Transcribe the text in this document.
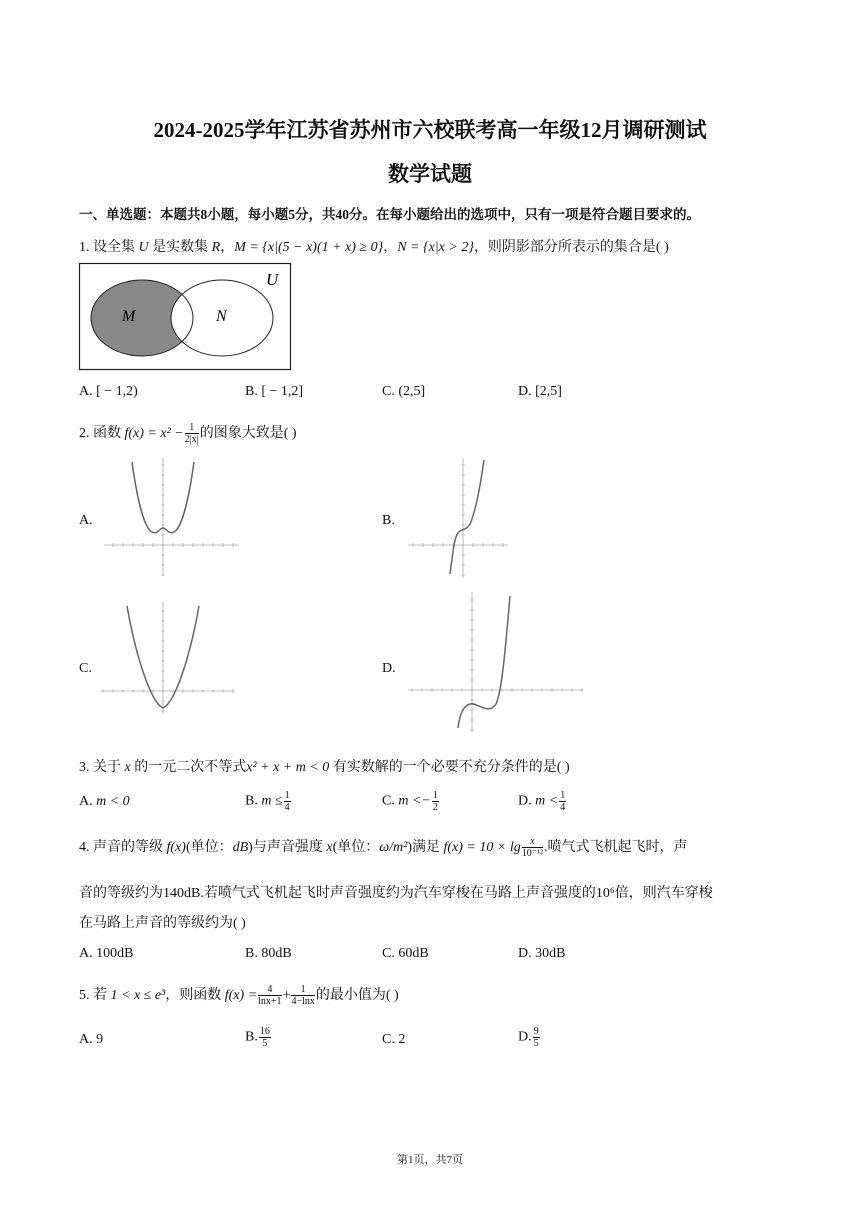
2024-2025学年江苏省苏州市六校联考高一年级12月调研测试
数学试题
一、单选题：本题共8小题，每小题5分，共40分。在每小题给出的选项中，只有一项是符合题目要求的。
1. 设全集 U 是实数集 R，M = {x|(5 − x)(1 + x) ≥ 0}，N = {x|x > 2}，则阴影部分所表示的集合是( )
U
M	N
A. [ − 1,2)	B. [ − 1,2]	C. (2,5]	D. [2,5]
2. 函数 $f(x) = x^2 - \frac{1}{2|x|}$ 的图象大致是( )
A.	B.
C.	D.
3. 关于 x 的一元二次不等式x² + x + m < 0 有实数解的一个必要不充分条件的是( )
A. m < 0	B. $m \le \frac{1}{4}$	C. $m <- \frac{1}{2}$	D. $m < \frac{1}{4}$
4. 声音的等级 f(x)(单位：dB)与声音强度 x(单位：ω/m²)满足 $f(x) = 10 \times \lg \frac{x}{\text{10⁻¹²}}$ .喷气式飞机起飞时，声
音的等级约为140dB.若喷气式飞机起飞时声音强度约为汽车穿梭在马路上声音强度的10⁶倍，则汽车穿梭
在马路上声音的等级约为( )
A. 100dB	B. 80dB	C. 60dB	D. 30dB
5. 若 1 < x ≤ e³，则函数 $f(x) = \frac{4}{\ln x+1} + \frac{1}{4-\ln x}$ 的最小值为( )
A. 9	B. $\frac{16}{5}$	C. 2	D. $\frac{9}{5}$
第1页，共7页
